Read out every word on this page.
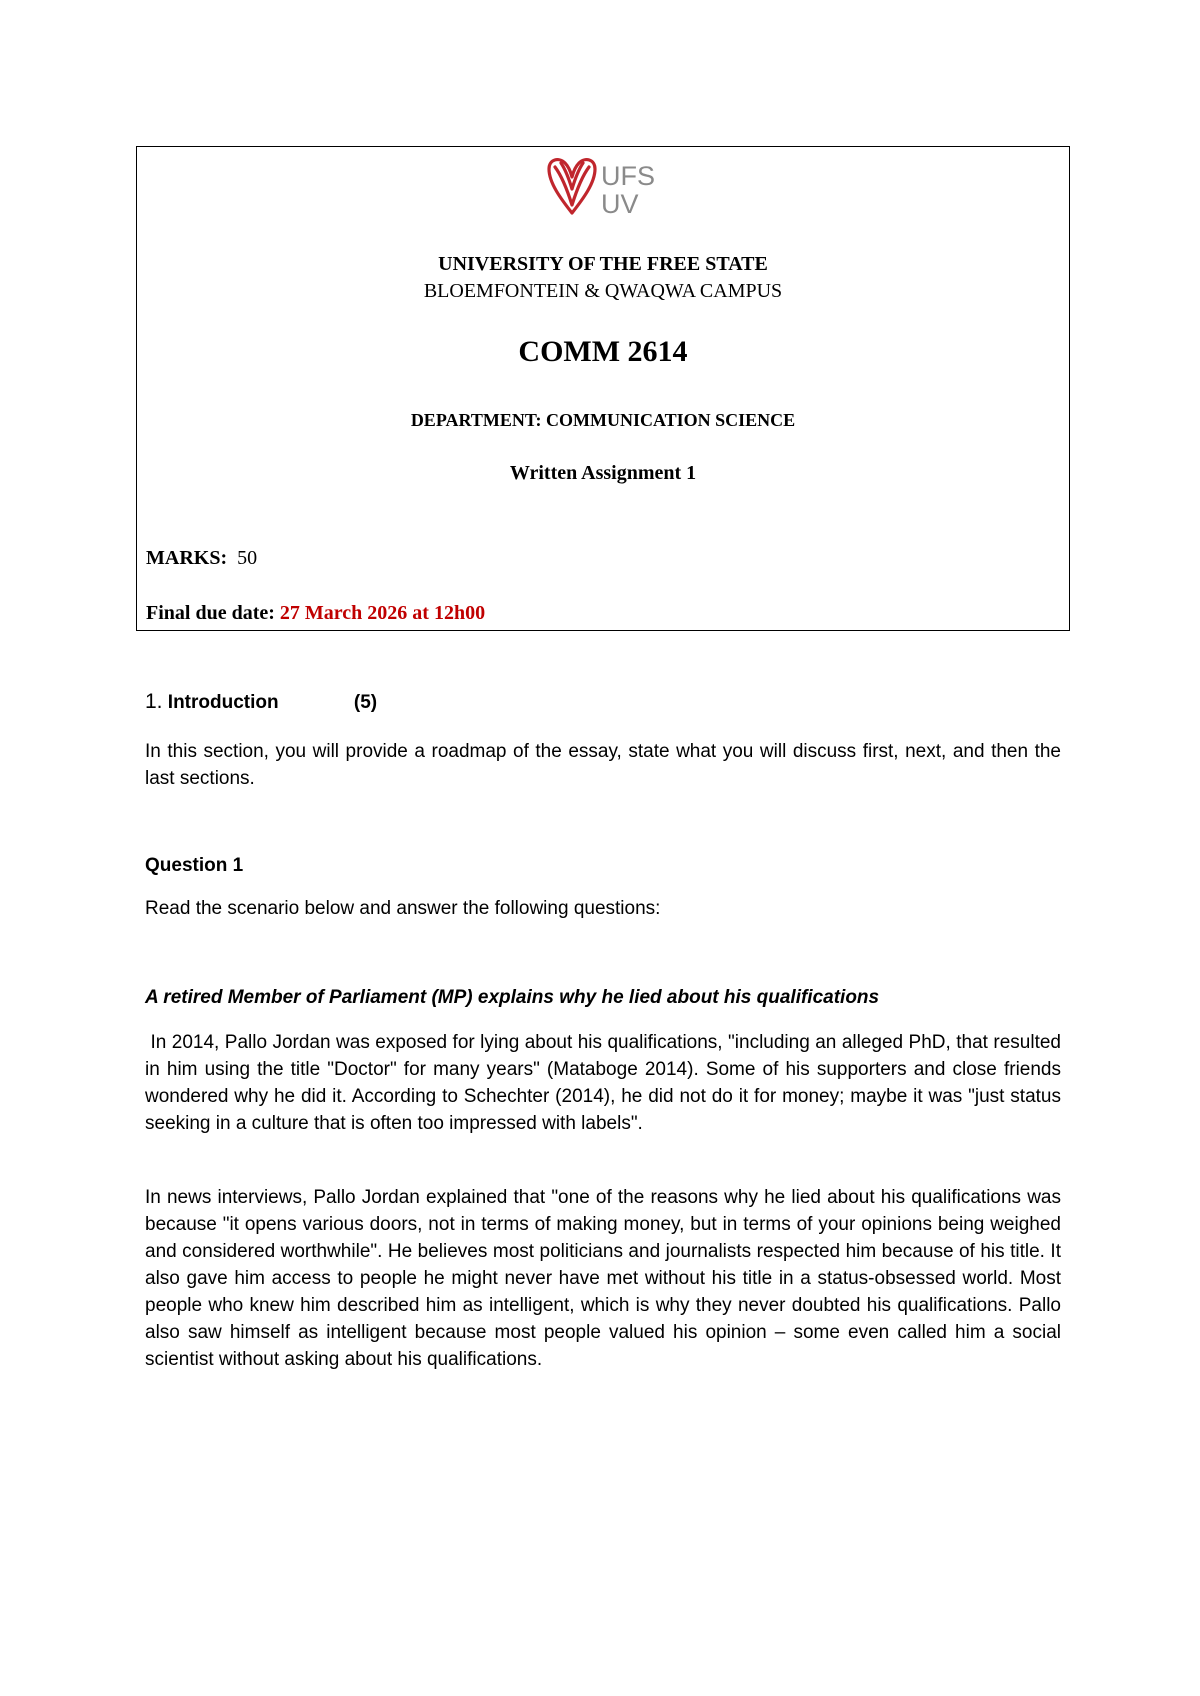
UFS
UV
UNIVERSITY OF THE FREE STATE
BLOEMFONTEIN & QWAQWA CAMPUS
COMM 2614
DEPARTMENT: COMMUNICATION SCIENCE
Written Assignment 1
MARKS: 50
Final due date: 27 March 2026 at 12h00
1. Introduction	(5)

In this section, you will provide a roadmap of the essay, state what you will discuss first, next, and then the last sections.

Question 1
Read the scenario below and answer the following questions:
A retired Member of Parliament (MP) explains why he lied about his qualifications

In 2014, Pallo Jordan was exposed for lying about his qualifications, "including an alleged PhD, that resulted in him using the title "Doctor" for many years" (Mataboge 2014). Some of his supporters and close friends wondered why he did it. According to Schechter (2014), he did not do it for money; maybe it was "just status seeking in a culture that is often too impressed with labels".

In news interviews, Pallo Jordan explained that "one of the reasons why he lied about his qualifications was because "it opens various doors, not in terms of making money, but in terms of your opinions being weighed and considered worthwhile". He believes most politicians and journalists respected him because of his title. It also gave him access to people he might never have met without his title in a status-obsessed world. Most people who knew him described him as intelligent, which is why they never doubted his qualifications. Pallo also saw himself as intelligent because most people valued his opinion – some even called him a social scientist without asking about his qualifications.
